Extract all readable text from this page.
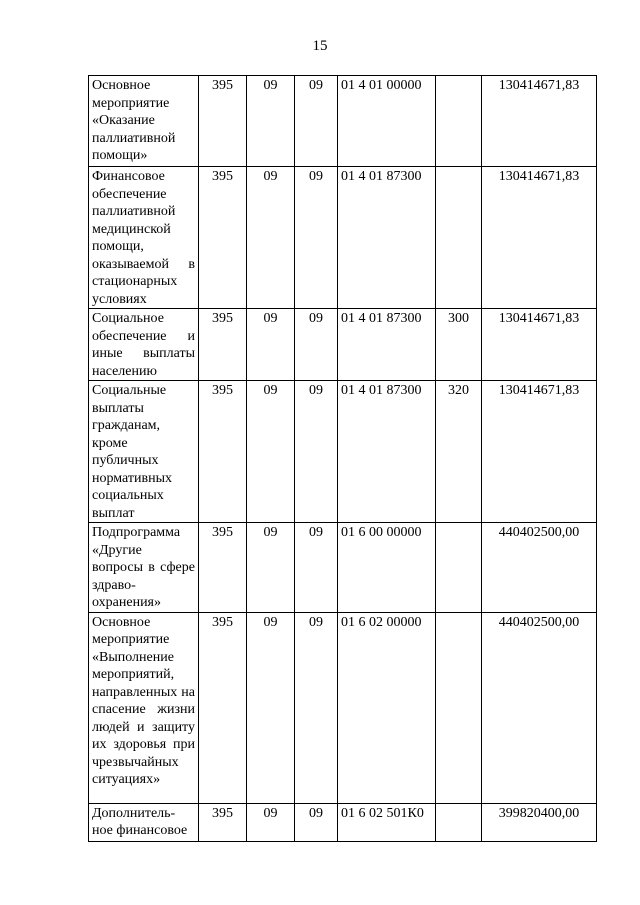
15
Основное мероприятие «Оказание паллиативной помощи»	395	09	09	01 4 01 00000		130414671,83
Финансовое обеспечение паллиативной медицинской помощи, оказываемой в стационарных условиях	395	09	09	01 4 01 87300		130414671,83
Социальное обеспечение и иные выплаты населению	395	09	09	01 4 01 87300	300	130414671,83
Социальные выплаты гражданам, кроме публичных нормативных социальных выплат	395	09	09	01 4 01 87300	320	130414671,83
Подпрограмма «Другие вопросы в сфере здраво-охранения»	395	09	09	01 6 00 00000		440402500,00
Основное мероприятие «Выполнение мероприятий, направленных на спасение жизни людей и защиту их здоровья при чрезвычайных ситуациях»	395	09	09	01 6 02 00000		440402500,00
Дополнитель-ное финансовое	395	09	09	01 6 02 501К0		399820400,00
